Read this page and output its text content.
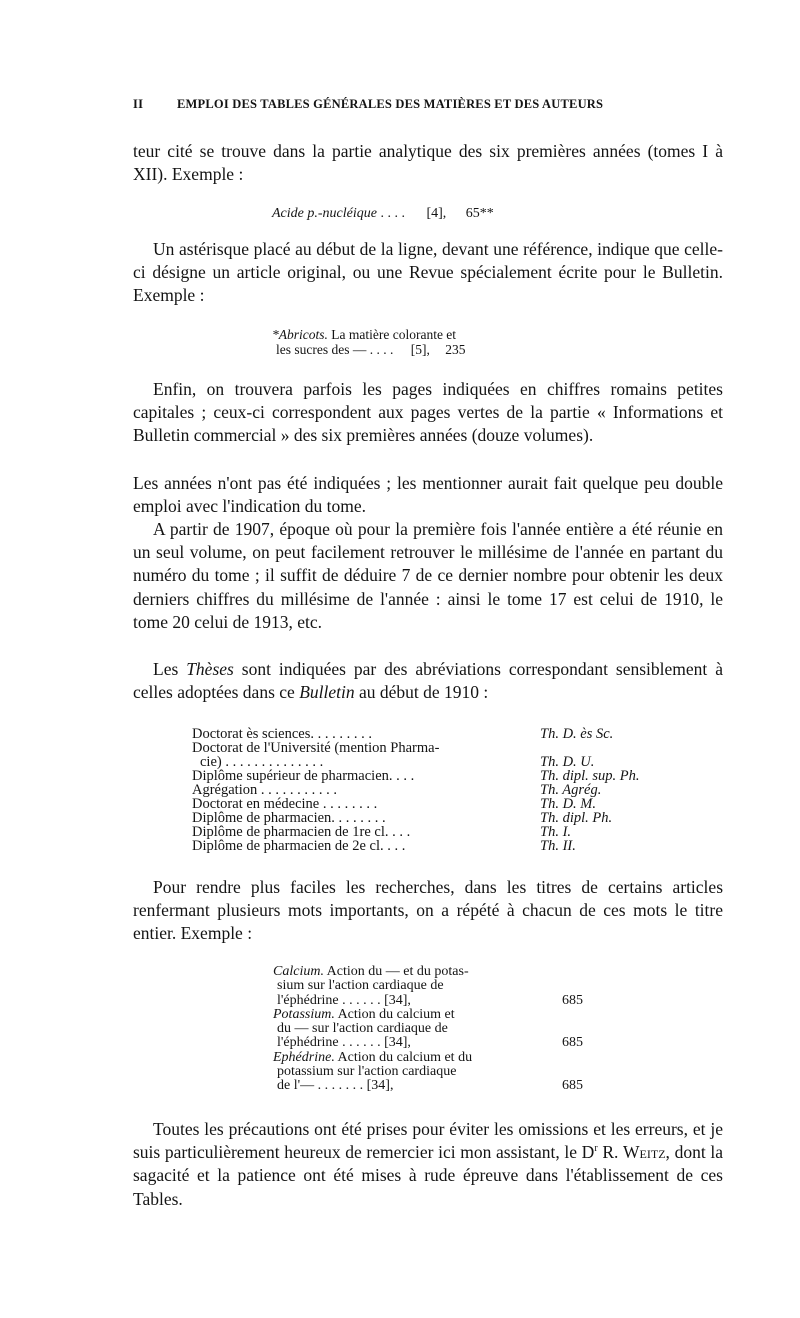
II	EMPLOI DES TABLES GÉNÉRALES DES MATIÈRES ET DES AUTEURS

teur cité se trouve dans la partie analytique des six premières années (tomes I à XII). Exemple :

Acide p.-nucléique . . . . [4], 65**

Un astérisque placé au début de la ligne, devant une référence, indique que celle-ci désigne un article original, ou une Revue spécialement écrite pour le Bulletin. Exemple :

*Abricots. La matière colorante et
les sucres des — . . . . [5], 235

Enfin, on trouvera parfois les pages indiquées en chiffres romains petites capitales ; ceux-ci correspondent aux pages vertes de la partie « Informations et Bulletin commercial » des six premières années (douze volumes).

Les années n'ont pas été indiquées ; les mentionner aurait fait quelque peu double emploi avec l'indication du tome.

A partir de 1907, époque où pour la première fois l'année entière a été réunie en un seul volume, on peut facilement retrouver le millésime de l'année en partant du numéro du tome ; il suffit de déduire 7 de ce dernier nombre pour obtenir les deux derniers chiffres du millésime de l'année : ainsi le tome 17 est celui de 1910, le tome 20 celui de 1913, etc.

Les Thèses sont indiquées par des abréviations correspondant sensiblement à celles adoptées dans ce Bulletin au début de 1910 :

Doctorat ès sciences. . . . . . . . .	Th. D. ès Sc.
Doctorat de l'Université (mention Pharma-	
cie) . . . . . . . . . . . . . .	Th. D. U.
Diplôme supérieur de pharmacien. . . .	Th. dipl. sup. Ph.
Agrégation . . . . . . . . . . .	Th. Agrég.
Doctorat en médecine . . . . . . . .	Th. D. M.
Diplôme de pharmacien. . . . . . . .	Th. dipl. Ph.
Diplôme de pharmacien de 1re cl. . . .	Th. I.
Diplôme de pharmacien de 2e cl. . . .	Th. II.

Pour rendre plus faciles les recherches, dans les titres de certains articles renfermant plusieurs mots importants, on a répété à chacun de ces mots le titre entier. Exemple :

Calcium. Action du — et du potas-
sium sur l'action cardiaque de
l'éphédrine . . . . . . [34],	685
Potassium. Action du calcium et
du — sur l'action cardiaque de
l'éphédrine . . . . . . [34],	685
Ephédrine. Action du calcium et du
potassium sur l'action cardiaque
de l'— . . . . . . . [34],	685

Toutes les précautions ont été prises pour éviter les omissions et les erreurs, et je suis particulièrement heureux de remercier ici mon assistant, le $D^r$ R. Weitz, dont la sagacité et la patience ont été mises à rude épreuve dans l'établissement de ces Tables.
